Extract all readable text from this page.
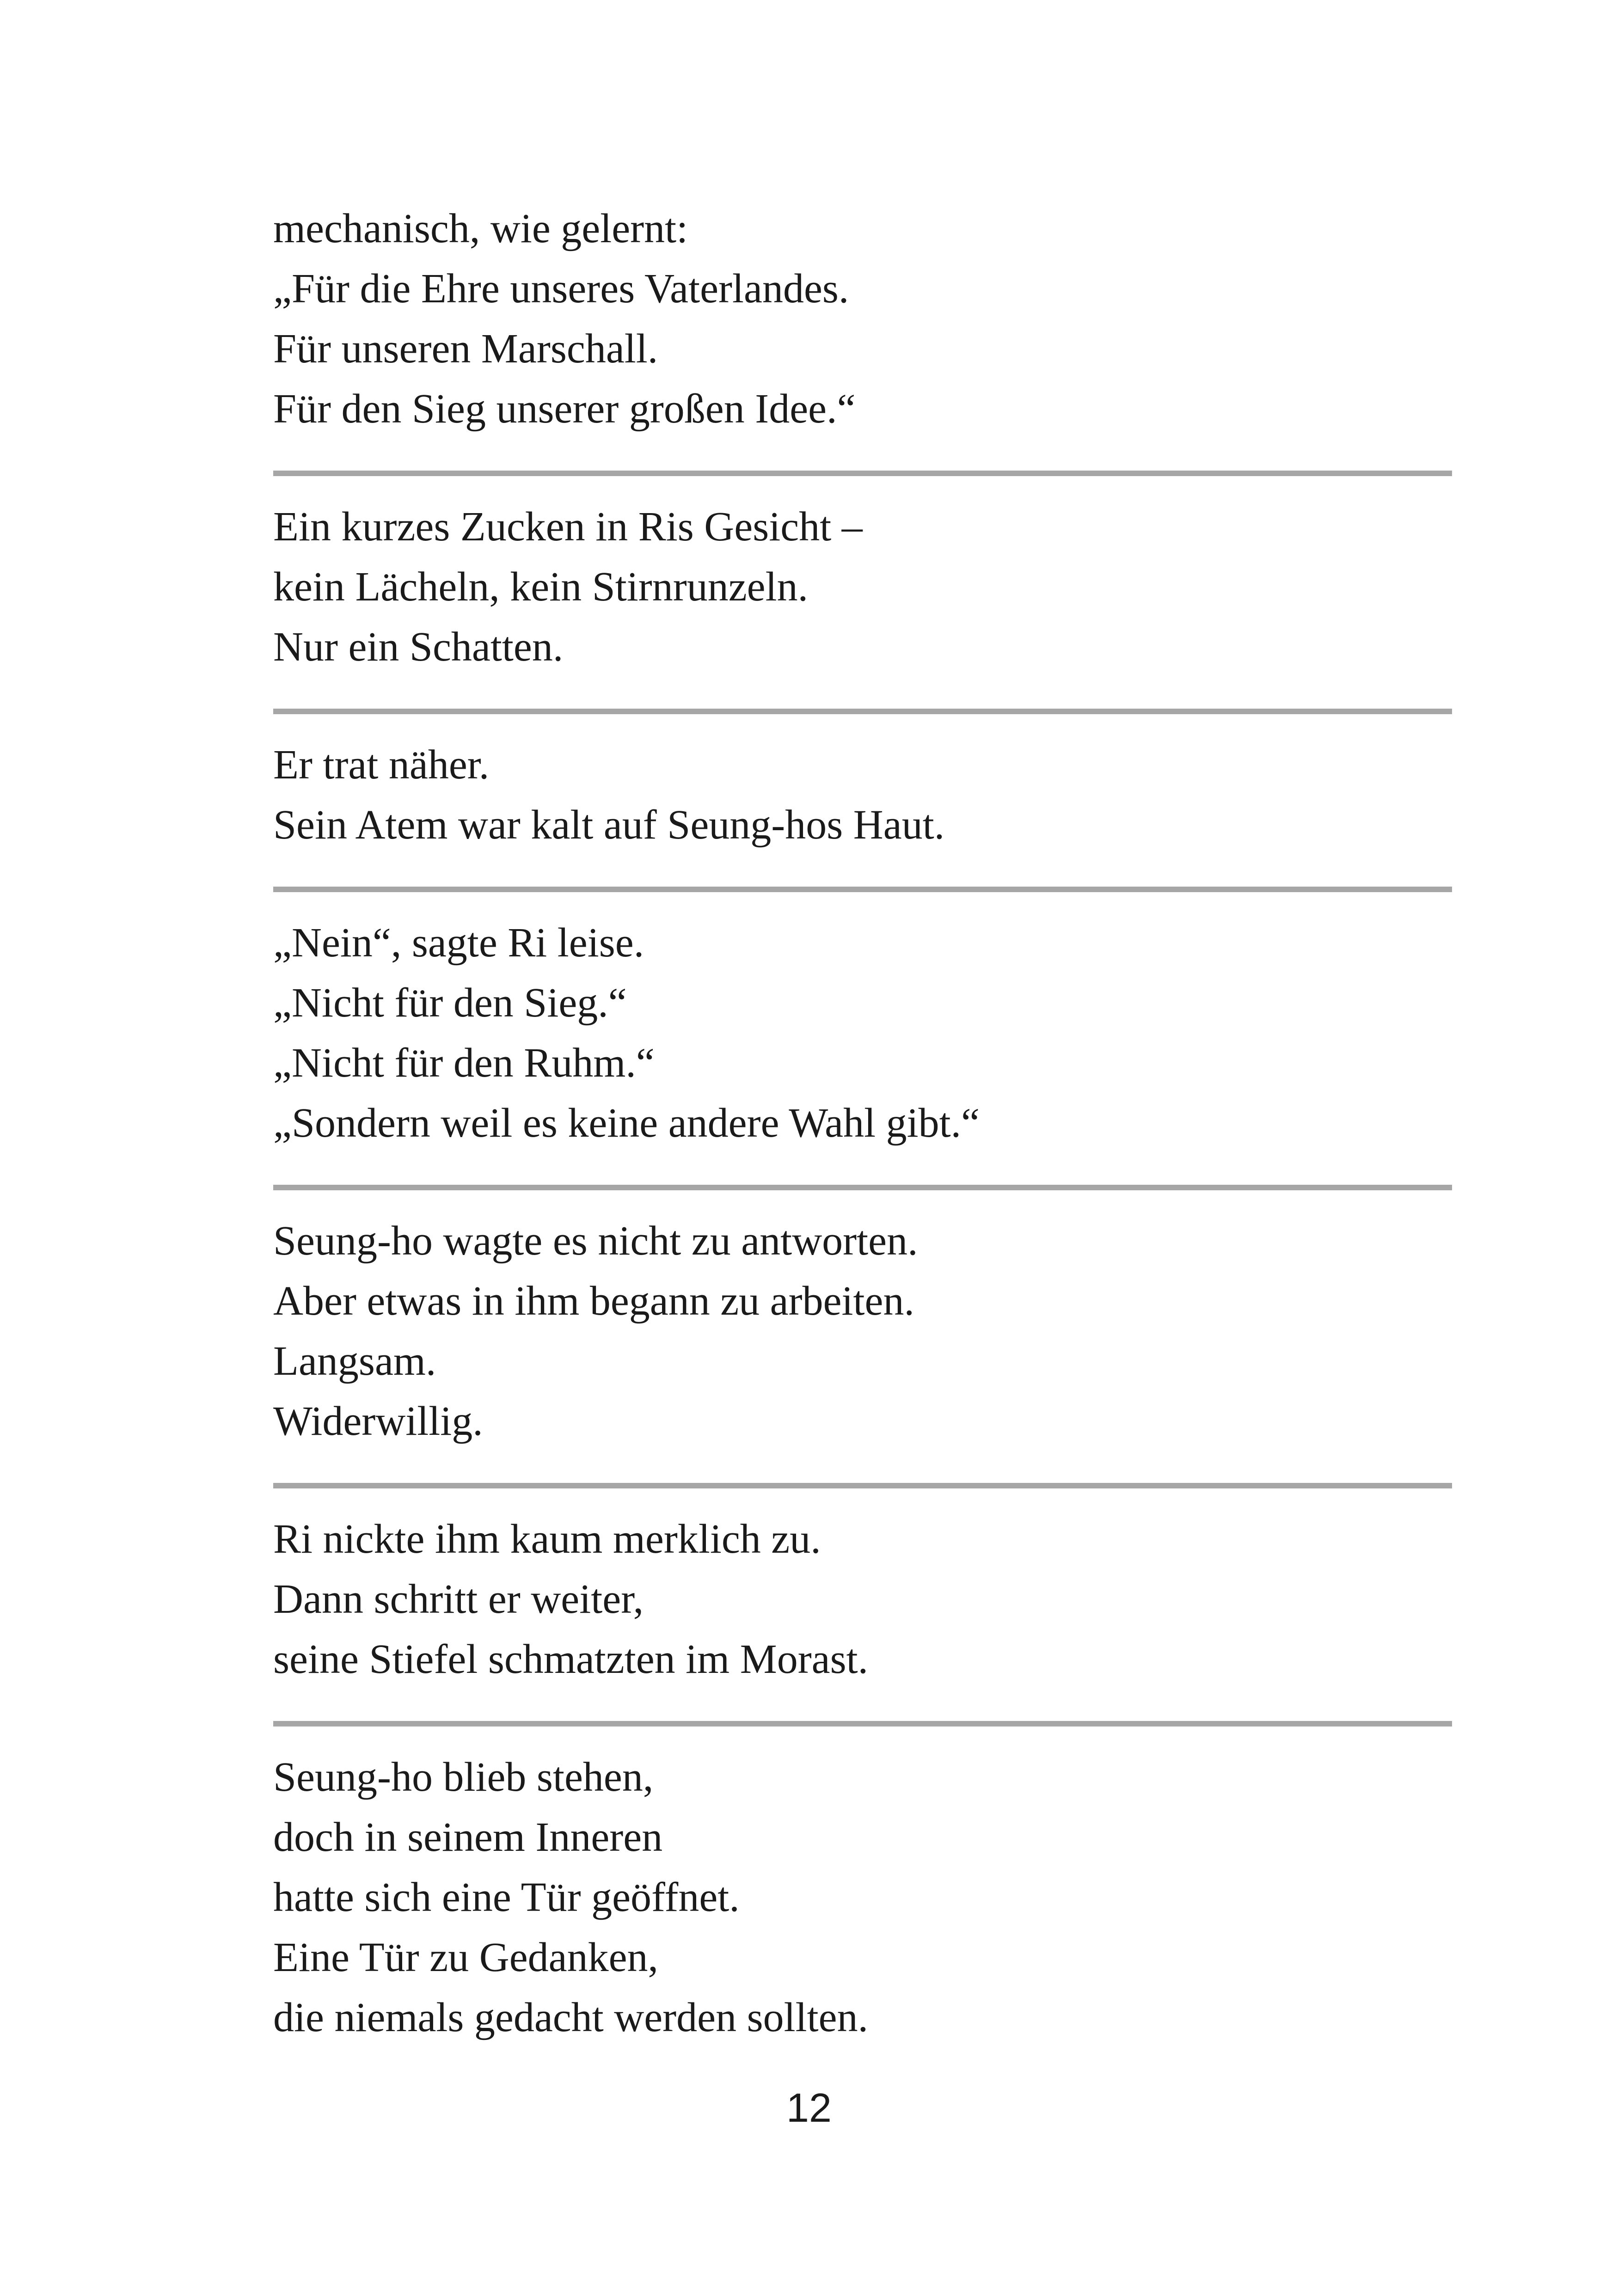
mechanisch, wie gelernt:
„Für die Ehre unseres Vaterlandes.
Für unseren Marschall.
Für den Sieg unserer großen Idee.“
Ein kurzes Zucken in Ris Gesicht –
kein Lächeln, kein Stirnrunzeln.
Nur ein Schatten.
Er trat näher.
Sein Atem war kalt auf Seung-hos Haut.
„Nein“, sagte Ri leise.
„Nicht für den Sieg.“
„Nicht für den Ruhm.“
„Sondern weil es keine andere Wahl gibt.“
Seung-ho wagte es nicht zu antworten.
Aber etwas in ihm begann zu arbeiten.
Langsam.
Widerwillig.
Ri nickte ihm kaum merklich zu.
Dann schritt er weiter,
seine Stiefel schmatzten im Morast.
Seung-ho blieb stehen,
doch in seinem Inneren
hatte sich eine Tür geöffnet.
Eine Tür zu Gedanken,
die niemals gedacht werden sollten.
12
